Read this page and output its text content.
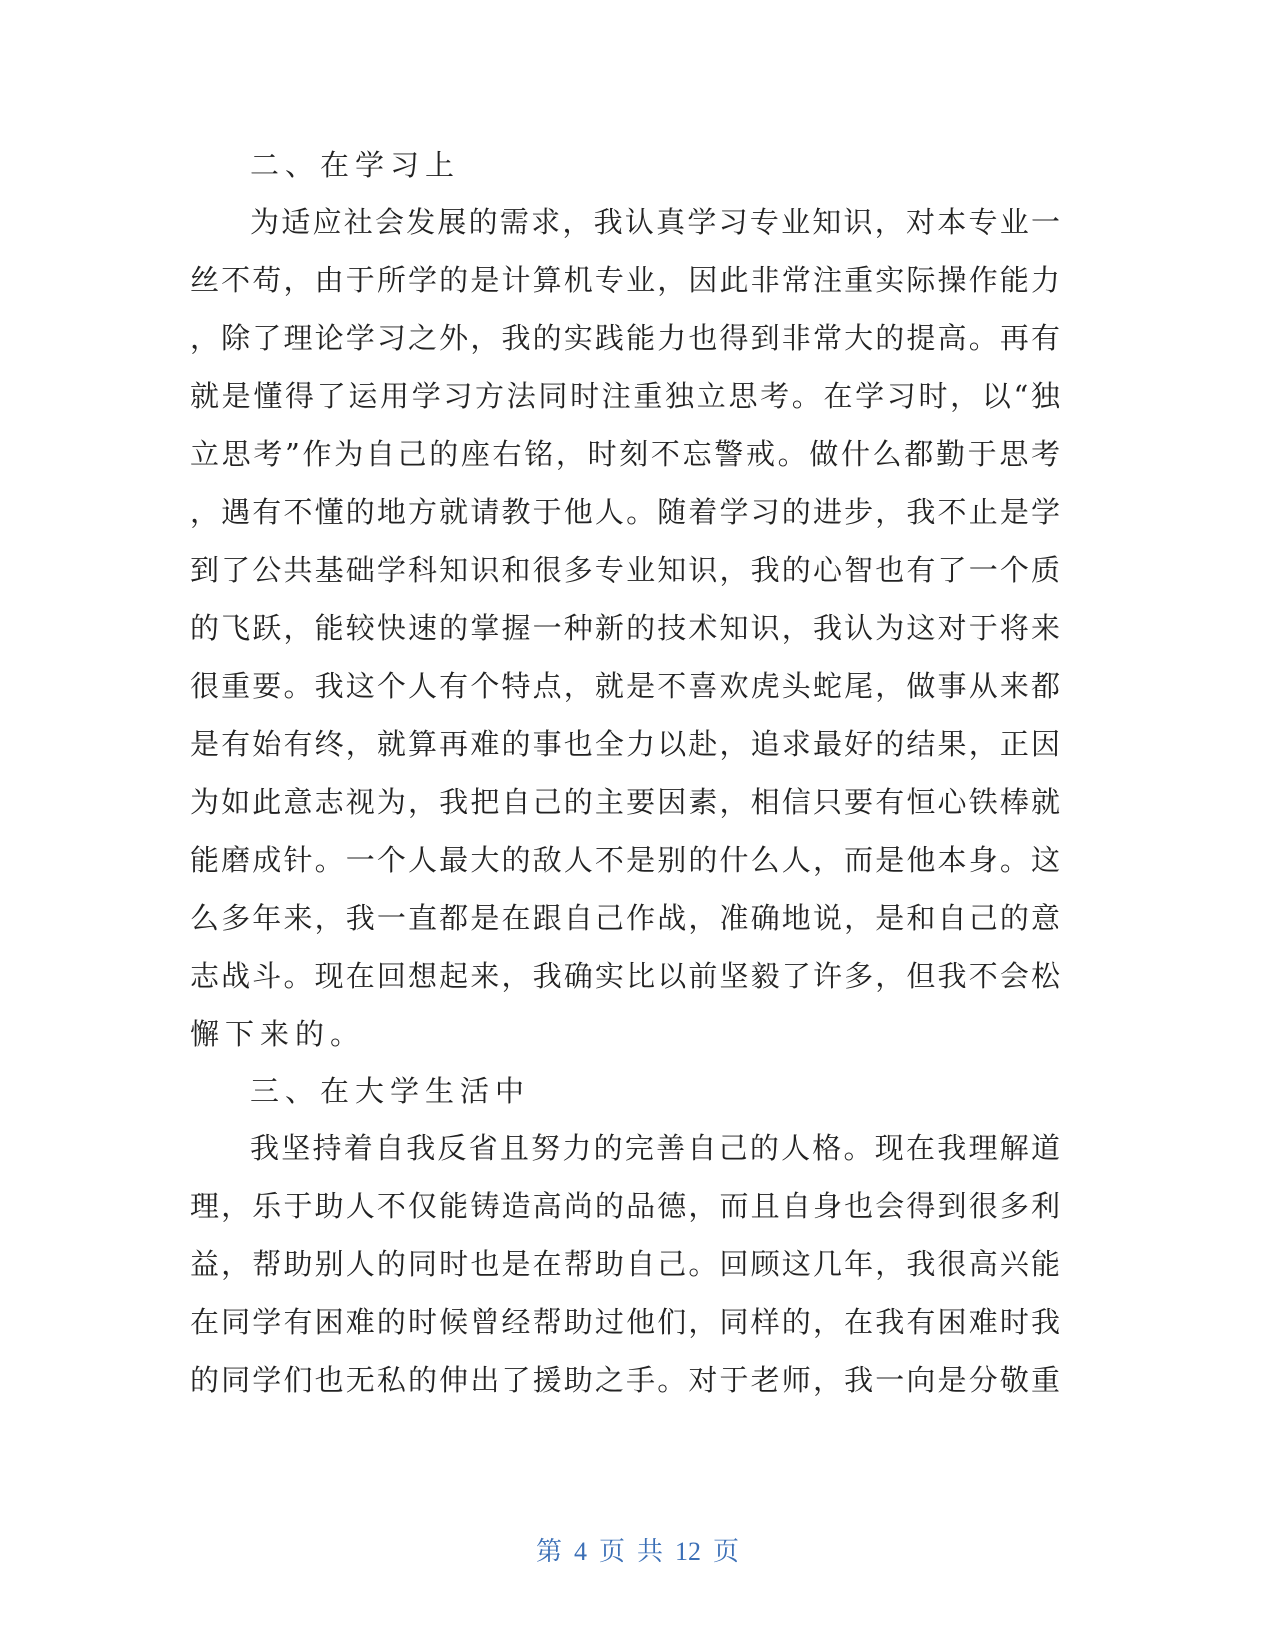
二、在学习上
为适应社会发展的需求，我认真学习专业知识，对本专业一
丝不苟，由于所学的是计算机专业，因此非常注重实际操作能力
，除了理论学习之外，我的实践能力也得到非常大的提高。再有
就是懂得了运用学习方法同时注重独立思考。在学习时，以“独
立思考”作为自己的座右铭，时刻不忘警戒。做什么都勤于思考
，遇有不懂的地方就请教于他人。随着学习的进步，我不止是学
到了公共基础学科知识和很多专业知识，我的心智也有了一个质
的飞跃，能较快速的掌握一种新的技术知识，我认为这对于将来
很重要。我这个人有个特点，就是不喜欢虎头蛇尾，做事从来都
是有始有终，就算再难的事也全力以赴，追求最好的结果，正因
为如此意志视为，我把自己的主要因素，相信只要有恒心铁棒就
能磨成针。一个人最大的敌人不是别的什么人，而是他本身。这
么多年来，我一直都是在跟自己作战，准确地说，是和自己的意
志战斗。现在回想起来，我确实比以前坚毅了许多，但我不会松
懈下来的。
三、在大学生活中
我坚持着自我反省且努力的完善自己的人格。现在我理解道
理，乐于助人不仅能铸造高尚的品德，而且自身也会得到很多利
益，帮助别人的同时也是在帮助自己。回顾这几年，我很高兴能
在同学有困难的时候曾经帮助过他们，同样的，在我有困难时我
的同学们也无私的伸出了援助之手。对于老师，我一向是分敬重
第 4 页 共 12 页
